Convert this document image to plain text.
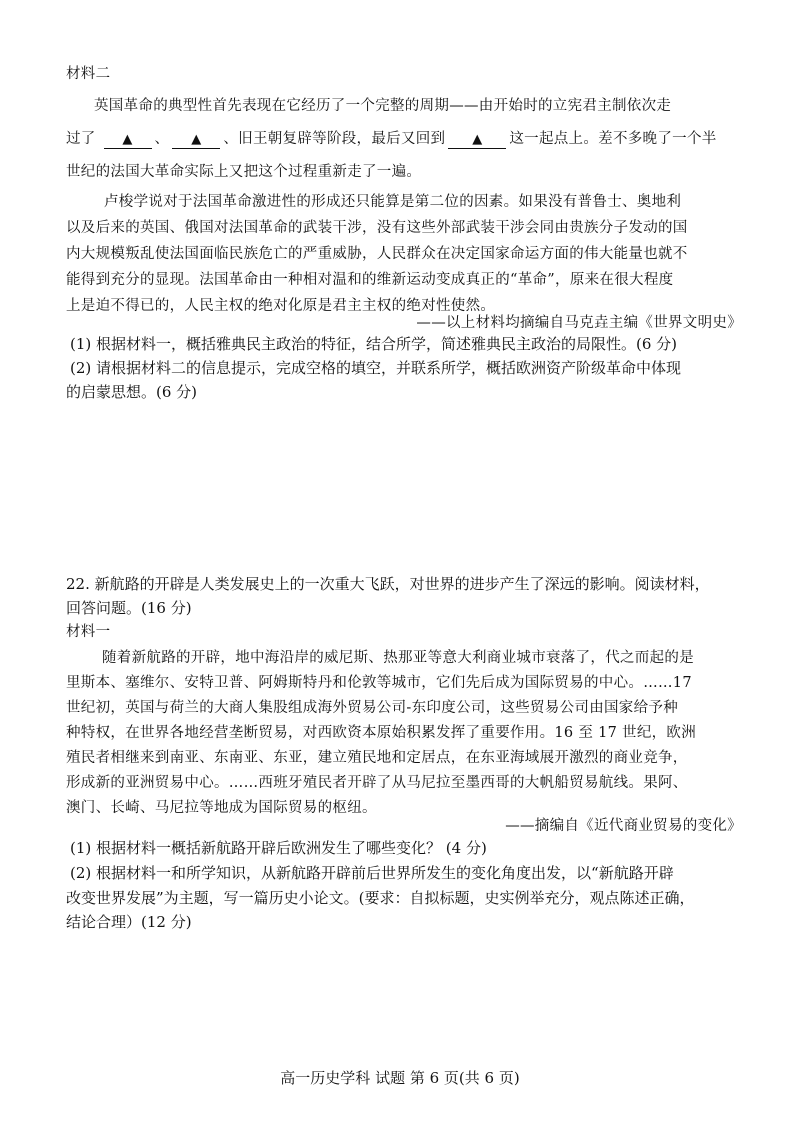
材料二
英国革命的典型性首先表现在它经历了一个完整的周期——由开始时的立宪君主制依次走
过了 ▲ 、 ▲ 、旧王朝复辟等阶段，最后又回到 ▲ 这一起点上。差不多晚了一个半
世纪的法国大革命实际上又把这个过程重新走了一遍。
卢梭学说对于法国革命激进性的形成还只能算是第二位的因素。如果没有普鲁士、奥地利
以及后来的英国、俄国对法国革命的武装干涉，没有这些外部武装干涉会同由贵族分子发动的国
内大规模叛乱使法国面临民族危亡的严重威胁，人民群众在决定国家命运方面的伟大能量也就不
能得到充分的显现。法国革命由一种相对温和的维新运动变成真正的“革命”，原来在很大程度
上是迫不得已的，人民主权的绝对化原是君主主权的绝对性使然。
——以上材料均摘编自马克垚主编《世界文明史》
(1) 根据材料一，概括雅典民主政治的特征，结合所学，简述雅典民主政治的局限性。(6 分)
(2) 请根据材料二的信息提示，完成空格的填空，并联系所学，概括欧洲资产阶级革命中体现
的启蒙思想。(6 分)
22. 新航路的开辟是人类发展史上的一次重大飞跃，对世界的进步产生了深远的影响。阅读材料，
回答问题。(16 分)
材料一
随着新航路的开辟，地中海沿岸的威尼斯、热那亚等意大利商业城市衰落了，代之而起的是
里斯本、塞维尔、安特卫普、阿姆斯特丹和伦敦等城市，它们先后成为国际贸易的中心。……17
世纪初，英国与荷兰的大商人集股组成海外贸易公司-东印度公司，这些贸易公司由国家给予种
种特权，在世界各地经营垄断贸易，对西欧资本原始积累发挥了重要作用。16 至 17 世纪，欧洲
殖民者相继来到南亚、东南亚、东亚，建立殖民地和定居点，在东亚海域展开激烈的商业竞争，
形成新的亚洲贸易中心。……西班牙殖民者开辟了从马尼拉至墨西哥的大帆船贸易航线。果阿、
澳门、长崎、马尼拉等地成为国际贸易的枢纽。
——摘编自《近代商业贸易的变化》
(1) 根据材料一概括新航路开辟后欧洲发生了哪些变化？ (4 分)
(2) 根据材料一和所学知识，从新航路开辟前后世界所发生的变化角度出发，以“新航路开辟
改变世界发展”为主题，写一篇历史小论文。(要求：自拟标题，史实例举充分，观点陈述正确，
结论合理）(12 分)
高一历史学科 试题 第 6 页(共 6 页)
